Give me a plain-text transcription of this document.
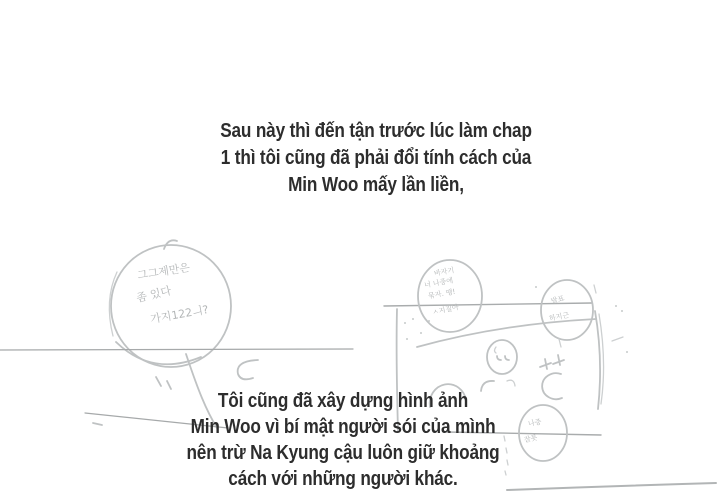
그그제만은
좀 있다
가지122ㅢ?
바자기
너 나중에
묶자. 땡!
ㅅ지질아
발표
하지근
나중
잘못
Sau này thì đến tận trước lúc làm chap
1 thì tôi cũng đã phải đổi tính cách của
Min Woo mấy lần liền,
Tôi cũng đã xây dựng hình ảnh
Min Woo vì bí mật người sói của mình
nên trừ Na Kyung cậu luôn giữ khoảng
cách với những người khác.
